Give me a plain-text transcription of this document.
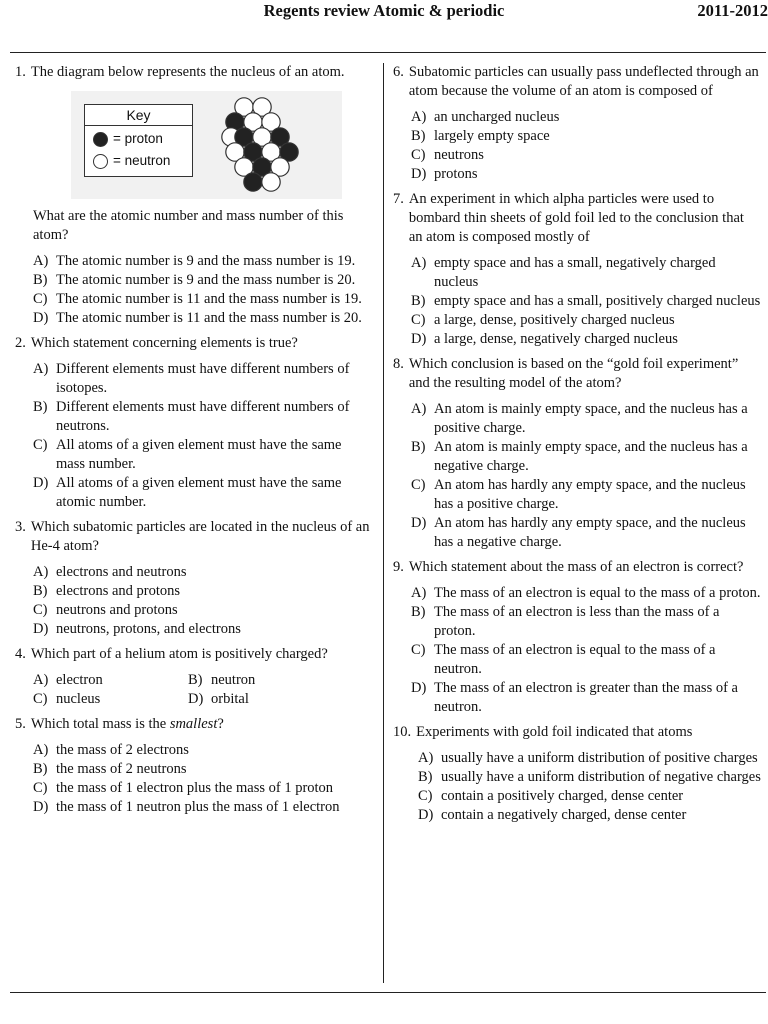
Regents review Atomic & periodic	2011-2012
1. The diagram below represents the nucleus of an atom.
Key
= proton
= neutron
What are the atomic number and mass number of this atom?
A) The atomic number is 9 and the mass number is 19.
B) The atomic number is 9 and the mass number is 20.
C) The atomic number is 11 and the mass number is 19.
D) The atomic number is 11 and the mass number is 20.
2. Which statement concerning elements is true?
A) Different elements must have different numbers of isotopes.
B) Different elements must have different numbers of neutrons.
C) All atoms of a given element must have the same mass number.
D) All atoms of a given element must have the same atomic number.
3. Which subatomic particles are located in the nucleus of an He-4 atom?
A) electrons and neutrons
B) electrons and protons
C) neutrons and protons
D) neutrons, protons, and electrons
4. Which part of a helium atom is positively charged?
A) electron	B) neutron
C) nucleus	D) orbital
5. Which total mass is the smallest?
A) the mass of 2 electrons
B) the mass of 2 neutrons
C) the mass of 1 electron plus the mass of 1 proton
D) the mass of 1 neutron plus the mass of 1 electron
6. Subatomic particles can usually pass undeflected through an atom because the volume of an atom is composed of
A) an uncharged nucleus
B) largely empty space
C) neutrons
D) protons
7. An experiment in which alpha particles were used to bombard thin sheets of gold foil led to the conclusion that an atom is composed mostly of
A) empty space and has a small, negatively charged nucleus
B) empty space and has a small, positively charged nucleus
C) a large, dense, positively charged nucleus
D) a large, dense, negatively charged nucleus
8. Which conclusion is based on the “gold foil experiment” and the resulting model of the atom?
A) An atom is mainly empty space, and the nucleus has a positive charge.
B) An atom is mainly empty space, and the nucleus has a negative charge.
C) An atom has hardly any empty space, and the nucleus has a positive charge.
D) An atom has hardly any empty space, and the nucleus has a negative charge.
9. Which statement about the mass of an electron is correct?
A) The mass of an electron is equal to the mass of a proton.
B) The mass of an electron is less than the mass of a proton.
C) The mass of an electron is equal to the mass of a neutron.
D) The mass of an electron is greater than the mass of a neutron.
10. Experiments with gold foil indicated that atoms
A) usually have a uniform distribution of positive charges
B) usually have a uniform distribution of negative charges
C) contain a positively charged, dense center
D) contain a negatively charged, dense center
